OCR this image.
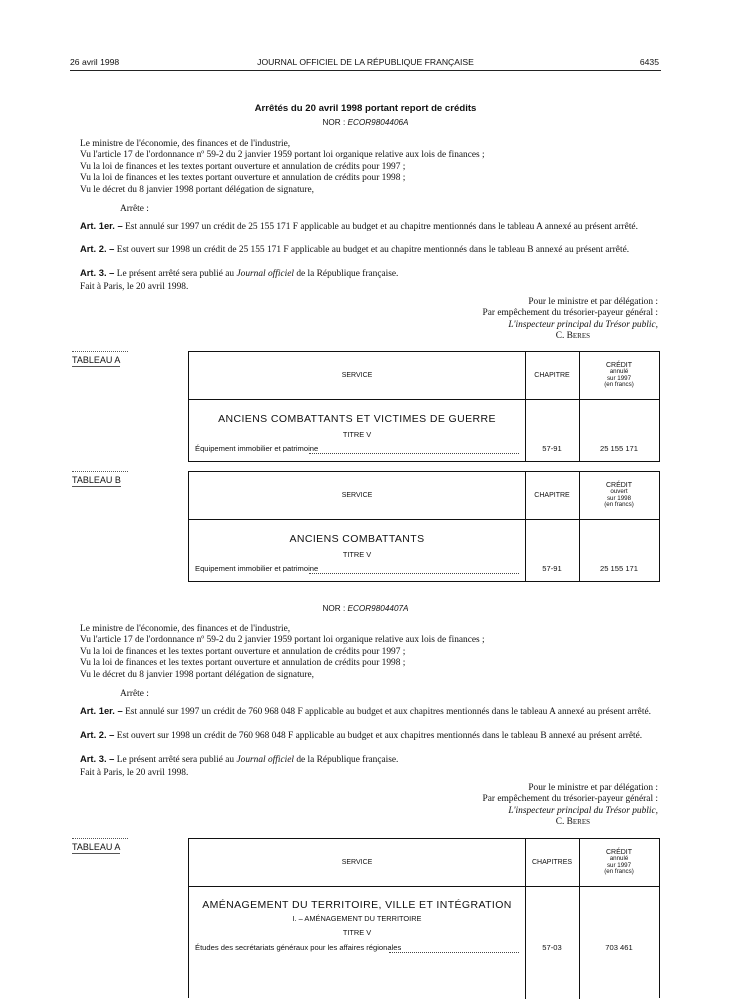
26 avril 1998	JOURNAL OFFICIEL DE LA RÉPUBLIQUE FRANÇAISE	6435
Arrêtés du 20 avril 1998 portant report de crédits
NOR : ECOR9804406A
Le ministre de l'économie, des finances et de l'industrie,
Vu l'article 17 de l'ordonnance nº 59-2 du 2 janvier 1959 portant loi organique relative aux lois de finances ;
Vu la loi de finances et les textes portant ouverture et annulation de crédits pour 1997 ;
Vu la loi de finances et les textes portant ouverture et annulation de crédits pour 1998 ;
Vu le décret du 8 janvier 1998 portant délégation de signature,
Arrête :
Art. 1er. – Est annulé sur 1997 un crédit de 25 155 171 F applicable au budget et au chapitre mentionnés dans le tableau A annexé au présent arrêté.
Art. 2. – Est ouvert sur 1998 un crédit de 25 155 171 F applicable au budget et au chapitre mentionnés dans le tableau B annexé au présent arrêté.
Art. 3. – Le présent arrêté sera publié au Journal officiel de la République française.
Fait à Paris, le 20 avril 1998.
Pour le ministre et par délégation :
Par empêchement du trésorier-payeur général :
L'inspecteur principal du Trésor public,
C. Beres
TABLEAU A
SERVICE	CHAPITRE
CRÉDIT
annulé
sur 1997
(en francs)
ANCIENS COMBATTANTS ET VICTIMES DE GUERRE
TITRE V
Équipement immobilier et patrimoine	57-91	25 155 171
TABLEAU B
SERVICE	CHAPITRE
CRÉDIT
ouvert
sur 1998
(en francs)
ANCIENS COMBATTANTS
TITRE V
Equipement immobilier et patrimoine	57-91	25 155 171
NOR : ECOR9804407A
Le ministre de l'économie, des finances et de l'industrie,
Vu l'article 17 de l'ordonnance nº 59-2 du 2 janvier 1959 portant loi organique relative aux lois de finances ;
Vu la loi de finances et les textes portant ouverture et annulation de crédits pour 1997 ;
Vu la loi de finances et les textes portant ouverture et annulation de crédits pour 1998 ;
Vu le décret du 8 janvier 1998 portant délégation de signature,
Arrête :
Art. 1er. – Est annulé sur 1997 un crédit de 760 968 048 F applicable au budget et aux chapitres mentionnés dans le tableau A annexé au présent arrêté.
Art. 2. – Est ouvert sur 1998 un crédit de 760 968 048 F applicable au budget et aux chapitres mentionnés dans le tableau B annexé au présent arrêté.
Art. 3. – Le présent arrêté sera publié au Journal officiel de la République française.
Fait à Paris, le 20 avril 1998.
Pour le ministre et par délégation :
Par empêchement du trésorier-payeur général :
L'inspecteur principal du Trésor public,
C. Beres
TABLEAU A
SERVICE	CHAPITRES
CRÉDIT
annulé
sur 1997
(en francs)
AMÉNAGEMENT DU TERRITOIRE, VILLE ET INTÉGRATION
I. – AMÉNAGEMENT DU TERRITOIRE
TITRE V
Études des secrétariats généraux pour les affaires régionales	57-03	703 461
